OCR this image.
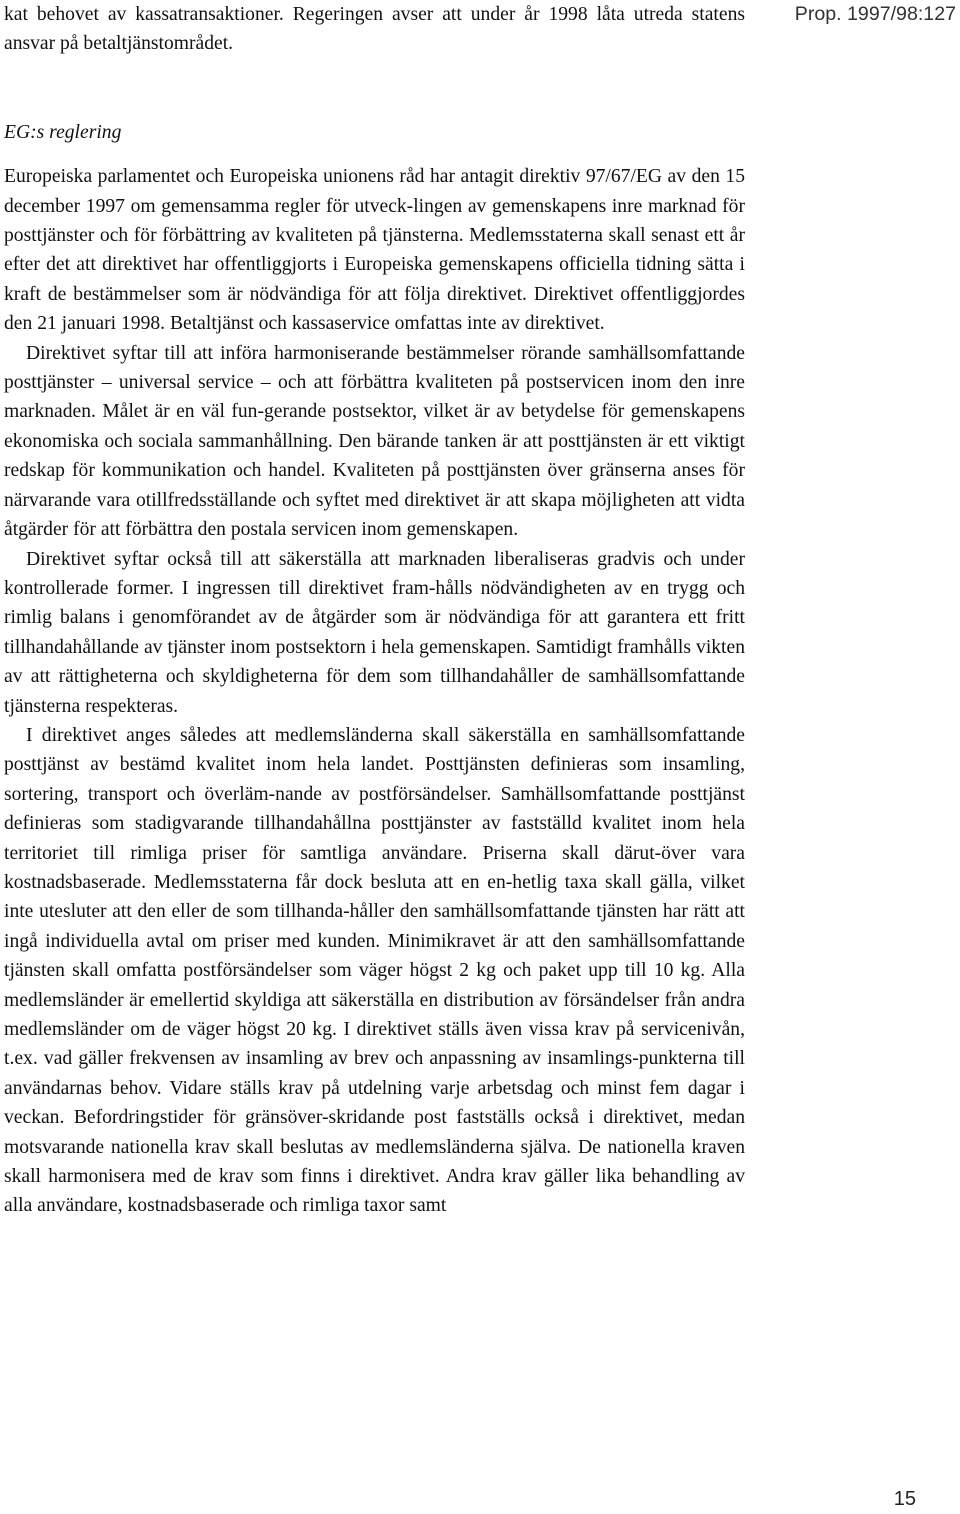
Prop. 1997/98:127

kat behovet av kassatransaktioner. Regeringen avser att under år 1998 låta utreda statens ansvar på betaltjänstområdet.

EG:s reglering

Europeiska parlamentet och Europeiska unionens råd har antagit direktiv 97/67/EG av den 15 december 1997 om gemensamma regler för utveck-lingen av gemenskapens inre marknad för posttjänster och för förbättring av kvaliteten på tjänsterna. Medlemsstaterna skall senast ett år efter det att direktivet har offentliggjorts i Europeiska gemenskapens officiella tidning sätta i kraft de bestämmelser som är nödvändiga för att följa direktivet. Direktivet offentliggjordes den 21 januari 1998. Betaltjänst och kassaservice omfattas inte av direktivet.

Direktivet syftar till att införa harmoniserande bestämmelser rörande samhällsomfattande posttjänster – universal service – och att förbättra kvaliteten på postservicen inom den inre marknaden. Målet är en väl fun-gerande postsektor, vilket är av betydelse för gemenskapens ekonomiska och sociala sammanhållning. Den bärande tanken är att posttjänsten är ett viktigt redskap för kommunikation och handel. Kvaliteten på posttjänsten över gränserna anses för närvarande vara otillfredsställande och syftet med direktivet är att skapa möjligheten att vidta åtgärder för att förbättra den postala servicen inom gemenskapen.

Direktivet syftar också till att säkerställa att marknaden liberaliseras gradvis och under kontrollerade former. I ingressen till direktivet fram-hålls nödvändigheten av en trygg och rimlig balans i genomförandet av de åtgärder som är nödvändiga för att garantera ett fritt tillhandahållande av tjänster inom postsektorn i hela gemenskapen. Samtidigt framhålls vikten av att rättigheterna och skyldigheterna för dem som tillhandahåller de samhällsomfattande tjänsterna respekteras.

I direktivet anges således att medlemsländerna skall säkerställa en samhällsomfattande posttjänst av bestämd kvalitet inom hela landet. Posttjänsten definieras som insamling, sortering, transport och överläm-nande av postförsändelser. Samhällsomfattande posttjänst definieras som stadigvarande tillhandahållna posttjänster av fastställd kvalitet inom hela territoriet till rimliga priser för samtliga användare. Priserna skall därut-över vara kostnadsbaserade. Medlemsstaterna får dock besluta att en en-hetlig taxa skall gälla, vilket inte utesluter att den eller de som tillhanda-håller den samhällsomfattande tjänsten har rätt att ingå individuella avtal om priser med kunden. Minimikravet är att den samhällsomfattande tjänsten skall omfatta postförsändelser som väger högst 2 kg och paket upp till 10 kg. Alla medlemsländer är emellertid skyldiga att säkerställa en distribution av försändelser från andra medlemsländer om de väger högst 20 kg. I direktivet ställs även vissa krav på servicenivån, t.ex. vad gäller frekvensen av insamling av brev och anpassning av insamlings-punkterna till användarnas behov. Vidare ställs krav på utdelning varje arbetsdag och minst fem dagar i veckan. Befordringstider för gränsöver-skridande post fastställs också i direktivet, medan motsvarande nationella krav skall beslutas av medlemsländerna själva. De nationella kraven skall harmonisera med de krav som finns i direktivet. Andra krav gäller lika behandling av alla användare, kostnadsbaserade och rimliga taxor samt

15
